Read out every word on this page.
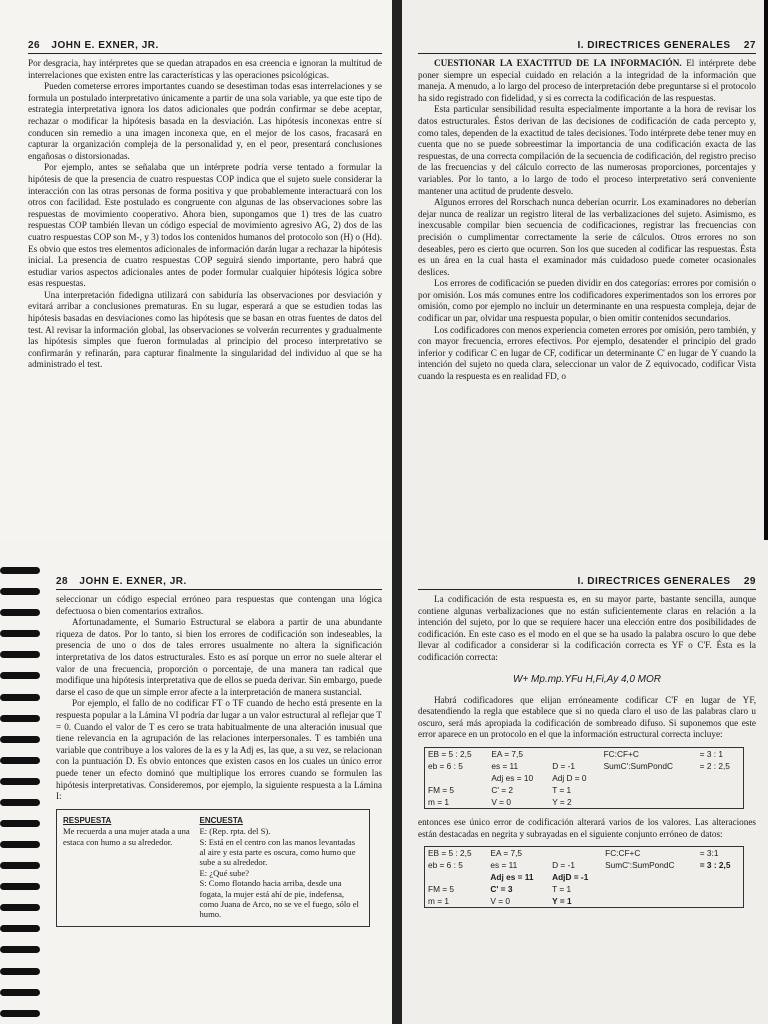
26 JOHN E. EXNER, JR.

Por desgracia, hay intérpretes que se quedan atrapados en esa creencia e ignoran la multitud de interrelaciones que existen entre las características y las operaciones psicológicas.

Pueden cometerse errores importantes cuando se desestiman todas esas interrelaciones y se formula un postulado interpretativo únicamente a partir de una sola variable, ya que este tipo de estrategia interpretativa ignora los datos adicionales que podrán confirmar se debe aceptar, rechazar o modificar la hipótesis basada en la desviación. Las hipótesis inconexas entre sí conducen sin remedio a una imagen inconexa que, en el mejor de los casos, fracasará en capturar la organización compleja de la personalidad y, en el peor, presentará conclusiones engañosas o distorsionadas.

Por ejemplo, antes se señalaba que un intérprete podría verse tentado a formular la hipótesis de que la presencia de cuatro respuestas COP indica que el sujeto suele considerar la interacción con las otras personas de forma positiva y que probablemente interactuará con los otros con facilidad. Este postulado es congruente con algunas de las observaciones sobre las respuestas de movimiento cooperativo. Ahora bien, supongamos que 1) tres de las cuatro respuestas COP también llevan un código especial de movimiento agresivo AG, 2) dos de las cuatro respuestas COP son M-, y 3) todos los contenidos humanos del protocolo son (H) o (Hd). Es obvio que estos tres elementos adicionales de información darán lugar a rechazar la hipótesis inicial. La presencia de cuatro respuestas COP seguirá siendo importante, pero habrá que estudiar varios aspectos adicionales antes de poder formular cualquier hipótesis lógica sobre esas respuestas.

Una interpretación fidedigna utilizará con sabiduría las observaciones por desviación y evitará arribar a conclusiones prematuras. En su lugar, esperará a que se estudien todas las hipótesis basadas en desviaciones como las hipótesis que se basan en otras fuentes de datos del test. Al revisar la información global, las observaciones se volverán recurrentes y gradualmente las hipótesis simples que fueron formuladas al principio del proceso interpretativo se confirmarán y refinarán, para capturar finalmente la singularidad del individuo al que se ha administrado el test.

I. DIRECTRICES GENERALES 27

CUESTIONAR LA EXACTITUD DE LA INFORMACIÓN. El intérprete debe poner siempre un especial cuidado en relación a la integridad de la información que maneja. A menudo, a lo largo del proceso de interpretación debe preguntarse si el protocolo ha sido registrado con fidelidad, y si es correcta la codificación de las respuestas.

Esta particular sensibilidad resulta especialmente importante a la hora de revisar los datos estructurales. Éstos derivan de las decisiones de codificación de cada percepto y, como tales, dependen de la exactitud de tales decisiones. Todo intérprete debe tener muy en cuenta que no se puede sobreestimar la importancia de una codificación exacta de las respuestas, de una correcta compilación de la secuencia de codificación, del registro preciso de las frecuencias y del cálculo correcto de las numerosas proporciones, porcentajes y variables. Por lo tanto, a lo largo de todo el proceso interpretativo será conveniente mantener una actitud de prudente desvelo.

Algunos errores del Rorschach nunca deberían ocurrir. Los examinadores no deberían dejar nunca de realizar un registro literal de las verbalizaciones del sujeto. Asimismo, es inexcusable compilar bien secuencia de codificaciones, registrar las frecuencias con precisión o cumplimentar correctamente la serie de cálculos. Otros errores no son deseables, pero es cierto que ocurren. Son los que suceden al codificar las respuestas. Ésta es un área en la cual hasta el examinador más cuidadoso puede cometer ocasionales deslices.

Los errores de codificación se pueden dividir en dos categorías: errores por comisión o por omisión. Los más comunes entre los codificadores experimentados son los errores por omisión, como por ejemplo no incluir un determinante en una respuesta compleja, dejar de codificar un par, olvidar una respuesta popular, o bien omitir contenidos secundarios.

Los codificadores con menos experiencia cometen errores por omisión, pero también, y con mayor frecuencia, errores efectivos. Por ejemplo, desatender el principio del grado inferior y codificar C en lugar de CF, codificar un determinante C' en lugar de Y cuando la intención del sujeto no queda clara, seleccionar un valor de Z equivocado, codificar Vista cuando la respuesta es en realidad FD, o

28 JOHN E. EXNER, JR.

seleccionar un código especial erróneo para respuestas que contengan una lógica defectuosa o bien comentarios extraños.

Afortunadamente, el Sumario Estructural se elabora a partir de una abundante riqueza de datos. Por lo tanto, si bien los errores de codificación son indeseables, la presencia de uno o dos de tales errores usualmente no altera la significación interpretativa de los datos estructurales. Esto es así porque un error no suele alterar el valor de una frecuencia, proporción o porcentaje, de una manera tan radical que modifique una hipótesis interpretativa que de ellos se pueda derivar. Sin embargo, puede darse el caso de que un simple error afecte a la interpretación de manera sustancial.

Por ejemplo, el fallo de no codificar FT o TF cuando de hecho está presente en la respuesta popular a la Lámina VI podría dar lugar a un valor estructural al reflejar que T = 0. Cuando el valor de T es cero se trata habitualmente de una alteración inusual que tiene relevancia en la agrupación de las relaciones interpersonales. T es también una variable que contribuye a los valores de la es y la Adj es, las que, a su vez, se relacionan con la puntuación D. Es obvio entonces que existen casos en los cuales un único error puede tener un efecto dominó que multiplique los errores cuando se formulen las hipótesis interpretativas. Consideremos, por ejemplo, la siguiente respuesta a la Lámina I:

RESPUESTA
Me recuerda a una mujer atada a una estaca con humo a su alrededor.
ENCUESTA
E: (Rep. rpta. del S).
S: Está en el centro con las manos levantadas al aire y esta parte es oscura, como humo que sube a su alrededor.
E: ¿Qué sube?
S: Como flotando hacia arriba, desde una fogata, la mujer está ahí de pie, indefensa, como Juana de Arco, no se ve el fuego, sólo el humo.
I. DIRECTRICES GENERALES 29

La codificación de esta respuesta es, en su mayor parte, bastante sencilla, aunque contiene algunas verbalizaciones que no están suficientemente claras en relación a la intención del sujeto, por lo que se requiere hacer una elección entre dos posibilidades de codificación. En este caso es el modo en el que se ha usado la palabra oscuro lo que debe llevar al codificador a considerar si la codificación correcta es YF o C'F. Ésta es la codificación correcta:

W+ Mp.mp.YFu H,Fi,Ay 4,0 MOR

Habrá codificadores que elijan erróneamente codificar C'F en lugar de YF, desatendiendo la regla que establece que si no queda claro el uso de las palabras claro u oscuro, será más apropiada la codificación de sombreado difuso. Si suponemos que este error aparece en un protocolo en el que la información estructural correcta incluye:

EB = 5 : 2,5	EA = 7,5		FC:CF+C	= 3 : 1
eb = 6 : 5	es = 11	D = -1	SumC':SumPondC	= 2 : 2,5
	Adj es = 10	Adj D = 0		
FM = 5	C' = 2	T = 1		
m = 1	V = 0	Y = 2		

entonces ese único error de codificación alterará varios de los valores. Las alteraciones están destacadas en negrita y subrayadas en el siguiente conjunto erróneo de datos:

EB = 5 : 2,5	EA = 7,5		FC:CF+C	= 3:1
eb = 6 : 5	es = 11	D = -1	SumC':SumPondC	= 3 : 2,5
	Adj es = 11	AdjD = -1		
FM = 5	C' = 3	T = 1		
m = 1	V = 0	Y = 1		
